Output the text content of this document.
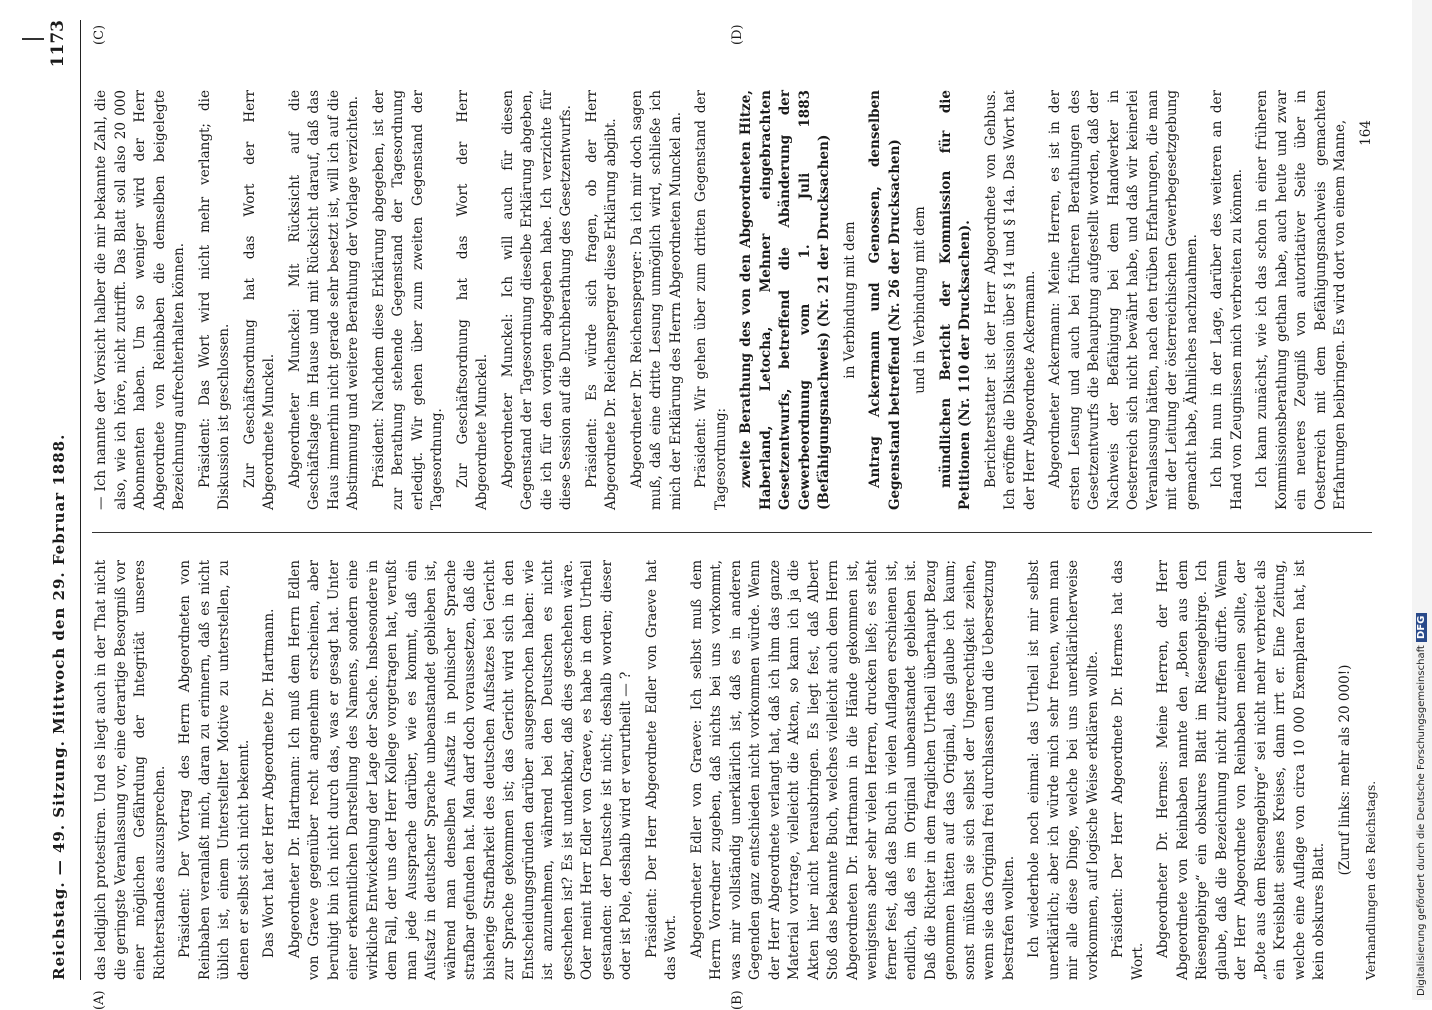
Reichstag. — 49. Sitzung. Mittwoch den 29. Februar 1888.
1173
(A)	(B)
(C)	(D)

das lediglich protestiren. Und es liegt auch in der That nicht die geringste Veranlassung vor, eine derartige Besorgniß vor einer möglichen Gefährdung der Integrität unseres Richterstandes auszusprechen. Präsident: Der Vortrag des Herrn Abgeordneten von Reinbaben veranlaßt mich, daran zu erinnern, daß es nicht üblich ist, einem Unterstellter Motive zu unterstellen, zu denen er selbst sich nicht bekennt. Das Wort hat der Herr Abgeordnete Dr. Hartmann. Abgeordneter Dr. Hartmann: Ich muß dem Herrn Edlen von Graeve gegenüber recht angenehm erscheinen, aber beruhigt bin ich nicht durch das, was er gesagt hat. Unter einer erkenntlichen Darstellung des Namens, sondern eine wirkliche Entwickelung der Lage der Sache. Insbesondere in dem Fall, der uns der Herr Kollege vorgetragen hat, verußt man jede Aussprache darüber, wie es kommt, daß ein Aufsatz in deutscher Sprache unbeanstandet geblieben ist, während man denselben Aufsatz in polnischer Sprache strafbar gefunden hat. Man darf doch voraussetzen, daß die bisherige Strafbarkeit des deutschen Aufsatzes bei Gericht zur Sprache gekommen ist; das Gericht wird sich in den Entscheidungsgründen darüber ausgesprochen haben: wie ist anzunehmen, während bei den Deutschen es nicht geschehen ist? Es ist undenkbar, daß dies geschehen wäre. Oder meint Herr Edler von Graeve, es habe in dem Urtheil gestanden: der Deutsche ist nicht; deshalb worden; dieser oder ist Pole, deshalb wird er verurtheilt — ? Präsident: Der Herr Abgeordnete Edler von Graeve hat das Wort. Abgeordneter Edler von Graeve: Ich selbst muß dem Herrn Vorredner zugeben, daß nichts bei uns vorkommt, was mir vollständig unerklärlich ist, daß es in anderen Gegenden ganz entschieden nicht vorkommen würde. Wenn der Herr Abgeordnete verlangt hat, daß ich ihm das ganze Material vortrage, vielleicht die Akten, so kann ich ja die Akten hier nicht herausbringen. Es liegt fest, daß Albert Stoß das bekannte Buch, welches vielleicht auch dem Herrn Abgeordneten Dr. Hartmann in die Hände gekommen ist, wenigstens aber sehr vielen Herren, drucken ließ; es steht ferner fest, daß das Buch in vielen Auflagen erschienen ist, endlich, daß es im Original unbeanstandet geblieben ist. Daß die Richter in dem fraglichen Urtheil überhaupt Bezug genommen hätten auf das Original, das glaube ich kaum; sonst müßten sie sich selbst der Ungerechtigkeit zeihen, wenn sie das Original frei durchlassen und die Uebersetzung bestrafen wollten. Ich wiederhole noch einmal: das Urtheil ist mir selbst unerklärlich; aber ich würde mich sehr freuen, wenn man mir alle diese Dinge, welche bei uns unerklärlicherweise vorkommen, auf logische Weise erklären wollte. Präsident: Der Herr Abgeordnete Dr. Hermes hat das Wort.

Abgeordneter Dr. Hermes: Meine Herren, der Herr Abgeordnete von Reinbaben nannte den „Boten aus dem Riesengebirge“ ein obskures Blatt im Riesengebirge. Ich glaube, daß die Bezeichnung nicht zutreffen dürfte. Wenn der Herr Abgeordnete von Reinbaben meinen sollte, der „Bote aus dem Riesengebirge“ sei nicht mehr verbreitet als ein Kreisblatt seines Kreises, dann irrt er. Eine Zeitung, welche eine Auflage von circa 10 000 Exemplaren hat, ist kein obskures Blatt.

(Zuruf links: mehr als 20 000!)

Verhandlungen des Reichstags.

— Ich nannte der Vorsicht halber die mir bekannte Zahl, die also, wie ich höre, nicht zutrifft. Das Blatt soll also 20 000 Abonnenten haben. Um so weniger wird der Herr Abgeordnete von Reinbaben die demselben beigelegte Bezeichnung aufrechterhalten können. Präsident: Das Wort wird nicht mehr verlangt; die Diskussion ist geschlossen. Zur Geschäftsordnung hat das Wort der Herr Abgeordnete Munckel. Abgeordneter Munckel: Mit Rücksicht auf die Geschäftslage im Hause und mit Rücksicht darauf, daß das Haus immerhin nicht gerade sehr besetzt ist, will ich auf die Abstimmung und weitere Berathung der Vorlage verzichten. Präsident: Nachdem diese Erklärung abgegeben, ist der zur Berathung stehende Gegenstand der Tagesordnung erledigt. Wir gehen über zum zweiten Gegenstand der Tagesordnung. Zur Geschäftsordnung hat das Wort der Herr Abgeordnete Munckel. Abgeordneter Munckel: Ich will auch für diesen Gegenstand der Tagesordnung dieselbe Erklärung abgeben, die ich für den vorigen abgegeben habe. Ich verzichte für diese Session auf die Durchberathung des Gesetzentwurfs. Präsident: Es würde sich fragen, ob der Herr Abgeordnete Dr. Reichensperger diese Erklärung abgibt. Abgeordneter Dr. Reichensperger: Da ich mir doch sagen muß, daß eine dritte Lesung unmöglich wird, schließe ich mich der Erklärung des Herrn Abgeordneten Munckel an. Präsident: Wir gehen über zum dritten Gegenstand der Tagesordnung: zweite Berathung des von den Abgeordneten Hitze, Haberland, Letocha, Mehner eingebrachten Gesetzentwurfs, betreffend die Abänderung der Gewerbeordnung vom 1. Juli 1883 (Befähigungsnachweis) (Nr. 21 der Drucksachen) in Verbindung mit dem Antrag Ackermann und Genossen, denselben Gegenstand betreffend (Nr. 26 der Drucksachen) und in Verbindung mit dem mündlichen Bericht der Kommission für die Petitionen (Nr. 110 der Drucksachen). Berichterstatter ist der Herr Abgeordnete von Gehbus. Ich eröffne die Diskussion über § 14 und § 14a. Das Wort hat der Herr Abgeordnete Ackermann. Abgeordneter Ackermann: Meine Herren, es ist in der ersten Lesung und auch bei früheren Berathungen des Gesetzentwurfs die Behauptung aufgestellt worden, daß der Nachweis der Befähigung bei dem Handwerker in Oesterreich sich nicht bewährt habe, und daß wir keinerlei Veranlassung hätten, nach den trüben Erfahrungen, die man mit der Leitung der österreichischen Gewerbegesetzgebung gemacht habe, Ähnliches nachzuahmen. Ich bin nun in der Lage, darüber des weiteren an der Hand von Zeugnissen mich verbreiten zu können. Ich kann zunächst, wie ich das schon in einer früheren Kommissionsberathung gethan habe, auch heute und zwar ein neueres Zeugniß von autoritativer Seite über in Oesterreich mit dem Befähigungsnachweis gemachten Erfahrungen beibringen. Es wird dort von einem Manne, 164

Digitalisierung gefördert durch die Deutsche Forschungsgemeinschaft DFG
